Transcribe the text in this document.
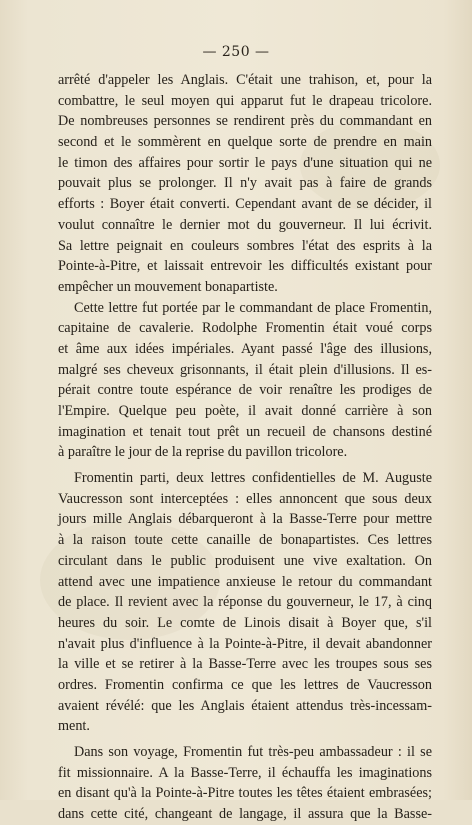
— 250 —
arrêté d'appeler les Anglais. C'était une trahison, et, pour la
combattre, le seul moyen qui apparut fut le drapeau tricolore.
De nombreuses personnes se rendirent près du commandant en
second et le sommèrent en quelque sorte de prendre en main
le timon des affaires pour sortir le pays d'une situation qui ne
pouvait plus se prolonger. Il n'y avait pas à faire de grands
efforts : Boyer était converti. Cependant avant de se décider, il
voulut connaître le dernier mot du gouverneur. Il lui écrivit.
Sa lettre peignait en couleurs sombres l'état des esprits à la
Pointe-à-Pitre, et laissait entrevoir les difficultés existant pour
empêcher un mouvement bonapartiste.
Cette lettre fut portée par le commandant de place Fromentin,
capitaine de cavalerie. Rodolphe Fromentin était voué corps
et âme aux idées impériales. Ayant passé l'âge des illusions,
malgré ses cheveux grisonnants, il était plein d'illusions. Il es-
pérait contre toute espérance de voir renaître les prodiges de
l'Empire. Quelque peu poète, il avait donné carrière à son
imagination et tenait tout prêt un recueil de chansons destiné
à paraître le jour de la reprise du pavillon tricolore.
Fromentin parti, deux lettres confidentielles de M. Auguste
Vaucresson sont interceptées : elles annoncent que sous deux
jours mille Anglais débarqueront à la Basse-Terre pour mettre
à la raison toute cette canaille de bonapartistes. Ces lettres
circulant dans le public produisent une vive exaltation. On
attend avec une impatience anxieuse le retour du commandant
de place. Il revient avec la réponse du gouverneur, le 17, à cinq
heures du soir. Le comte de Linois disait à Boyer que, s'il
n'avait plus d'influence à la Pointe-à-Pitre, il devait abandonner
la ville et se retirer à la Basse-Terre avec les troupes sous ses
ordres. Fromentin confirma ce que les lettres de Vaucresson
avaient révélé: que les Anglais étaient attendus très-incessam-
ment.
Dans son voyage, Fromentin fut très-peu ambassadeur : il se
fit missionnaire. A la Basse-Terre, il échauffa les imaginations
en disant qu'à la Pointe-à-Pitre toutes les têtes étaient embrasées;
dans cette cité, changeant de langage, il assura que la Basse-
